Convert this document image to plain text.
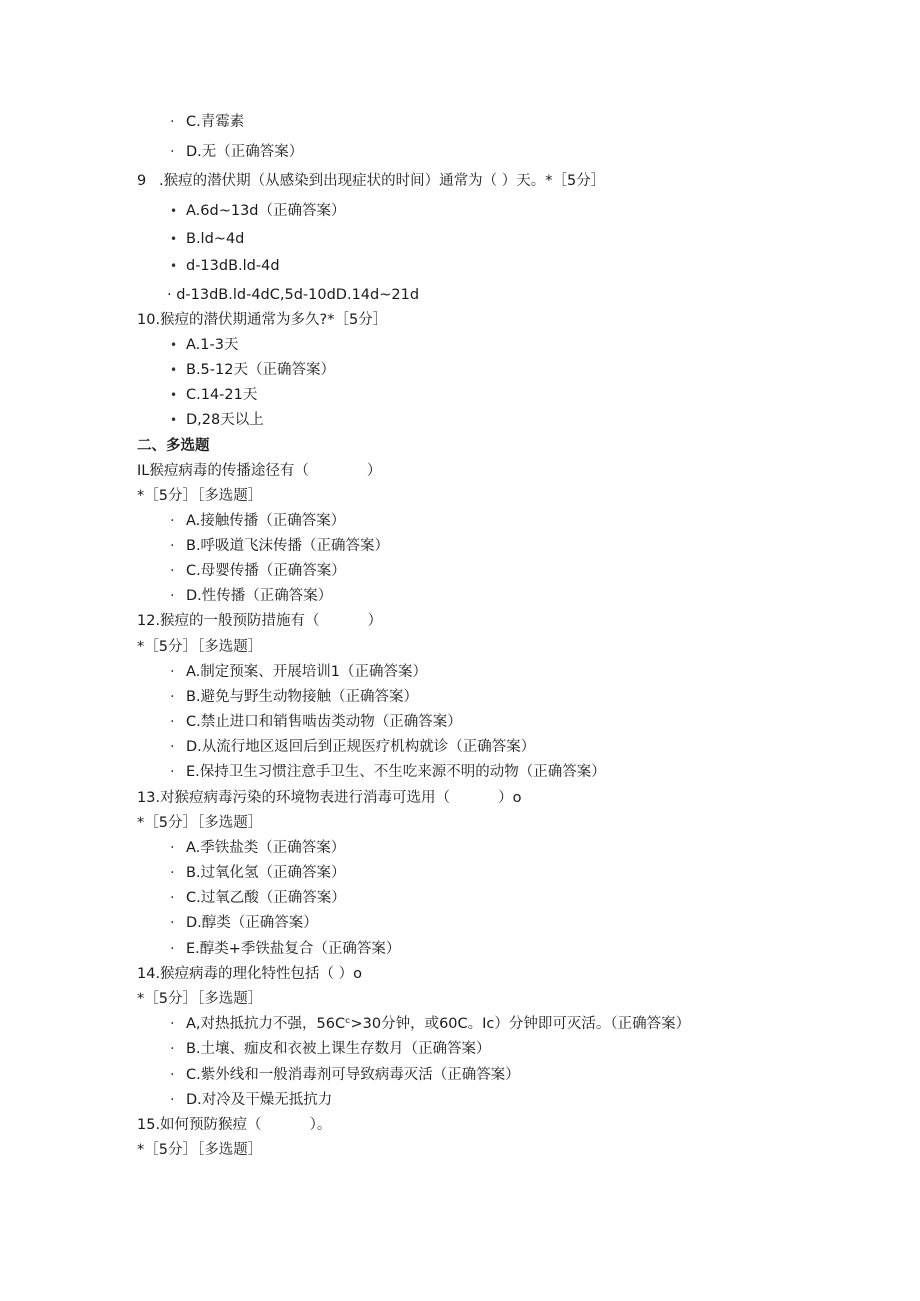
· C.青霉素
· D.无（正确答案）
9 .猴痘的潜伏期（从感染到出现症状的时间）通常为（ ）天。*［5分］
• A.6d~13d（正确答案）
• B.ld~4d
• d-13dB.ld-4d
· d-13dB.ld-4dC,5d-10dD.14d~21d
10.猴痘的潜伏期通常为多久?*［5分］
• A.1-3天
• B.5-12天（正确答案）
• C.14-21天
• D,28天以上
二、多选题
IL猴痘病毒的传播途径有（　　　　）
*［5分］［多选题］
· A.接触传播（正确答案）
· B.呼吸道飞沫传播（正确答案）
· C.母婴传播（正确答案）
· D.性传播（正确答案）
12.猴痘的一般预防措施有（　　　 ）
*［5分］［多选题］
· A.制定预案、开展培训1（正确答案）
· B.避免与野生动物接触（正确答案）
· C.禁止进口和销售啮齿类动物（正确答案）
· D.从流行地区返回后到正规医疗机构就诊（正确答案）
· E.保持卫生习惯注意手卫生、不生吃来源不明的动物（正确答案）
13.对猴痘病毒污染的环境物表进行消毒可选用（　　　 ）o
*［5分］［多选题］
· A.季铁盐类（正确答案）
· B.过氧化氢（正确答案）
· C.过氧乙酸（正确答案）
· D.醇类（正确答案）
· E.醇类+季铁盐复合（正确答案）
14.猴痘病毒的理化特性包括（ ）o
*［5分］［多选题］
· A,对热抵抗力不强，56Cᶜ>30分钟，或60C。Ic）分钟即可灭活。（正确答案）
· B.土壤、痂皮和衣被上课生存数月（正确答案）
· C.紫外线和一般消毒剂可导致病毒灭活（正确答案）
· D.对冷及干燥无抵抗力
15.如何预防猴痘（　　　 ）。
*［5分］［多选题］
